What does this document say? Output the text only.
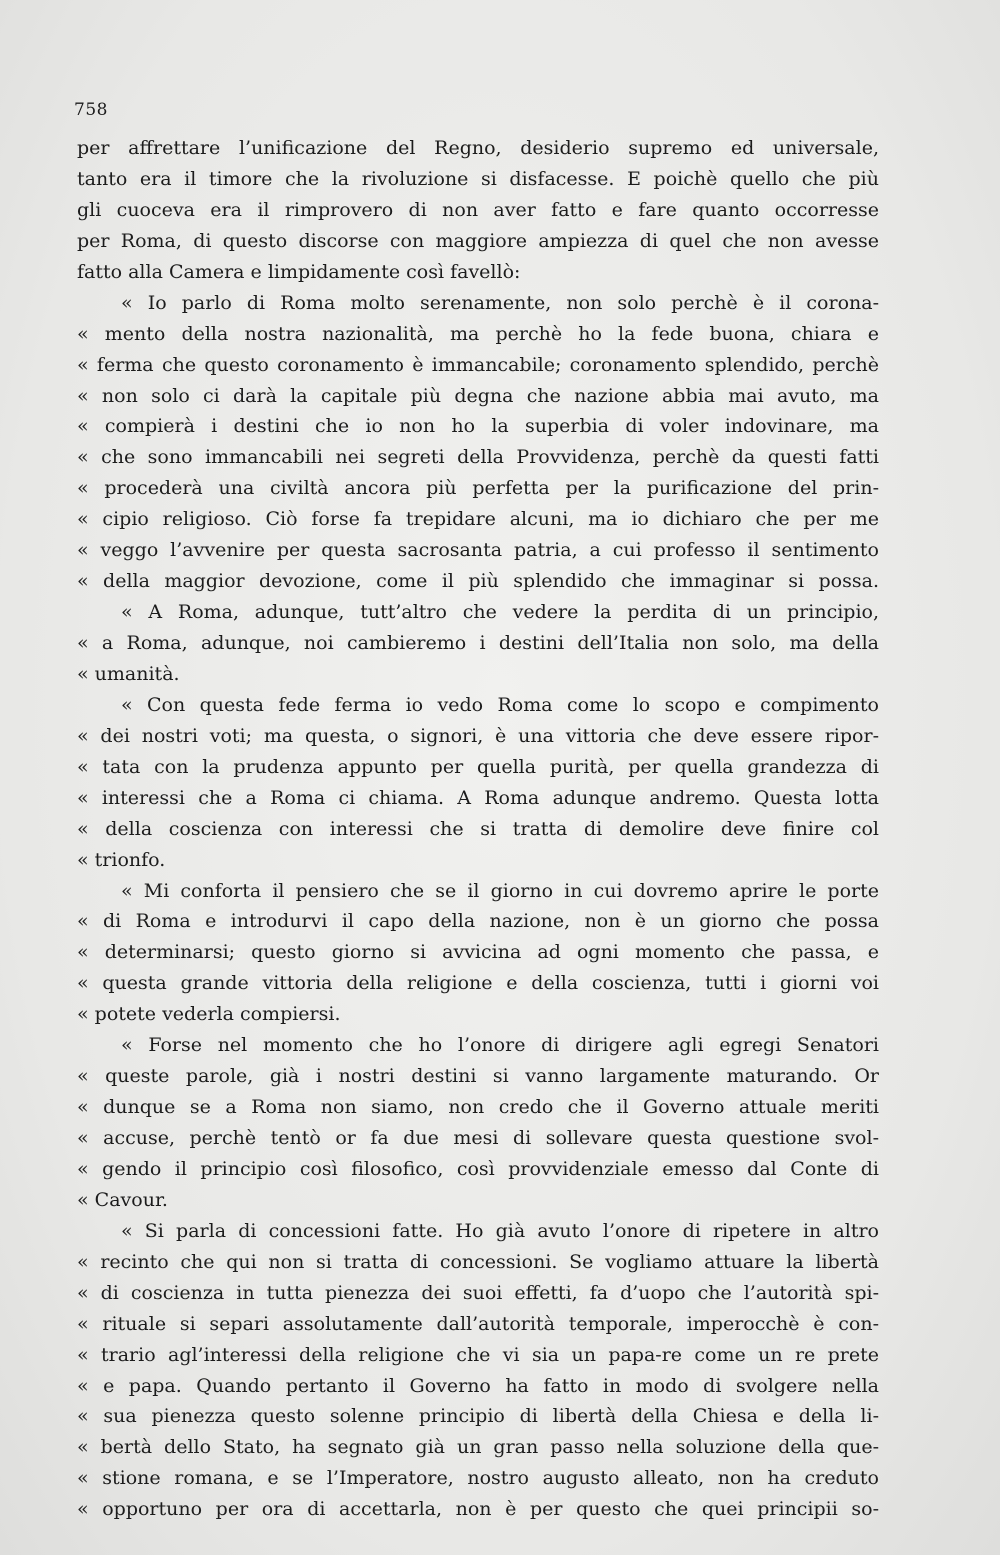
758
per affrettare l’unificazione del Regno, desiderio supremo ed universale,
tanto era il timore che la rivoluzione si disfacesse. E poichè quello che più
gli cuoceva era il rimprovero di non aver fatto e fare quanto occorresse
per Roma, di questo discorse con maggiore ampiezza di quel che non avesse
fatto alla Camera e limpidamente così favellò:
« Io parlo di Roma molto serenamente, non solo perchè è il corona-
« mento della nostra nazionalità, ma perchè ho la fede buona, chiara e
« ferma che questo coronamento è immancabile; coronamento splendido, perchè
« non solo ci darà la capitale più degna che nazione abbia mai avuto, ma
« compierà i destini che io non ho la superbia di voler indovinare, ma
« che sono immancabili nei segreti della Provvidenza, perchè da questi fatti
« procederà una civiltà ancora più perfetta per la purificazione del prin-
« cipio religioso. Ciò forse fa trepidare alcuni, ma io dichiaro che per me
« veggo l’avvenire per questa sacrosanta patria, a cui professo il sentimento
« della maggior devozione, come il più splendido che immaginar si possa.
« A Roma, adunque, tutt’altro che vedere la perdita di un principio,
« a Roma, adunque, noi cambieremo i destini dell’Italia non solo, ma della
« umanità.
« Con questa fede ferma io vedo Roma come lo scopo e compimento
« dei nostri voti; ma questa, o signori, è una vittoria che deve essere ripor-
« tata con la prudenza appunto per quella purità, per quella grandezza di
« interessi che a Roma ci chiama. A Roma adunque andremo. Questa lotta
« della coscienza con interessi che si tratta di demolire deve finire col
« trionfo.
« Mi conforta il pensiero che se il giorno in cui dovremo aprire le porte
« di Roma e introdurvi il capo della nazione, non è un giorno che possa
« determinarsi; questo giorno si avvicina ad ogni momento che passa, e
« questa grande vittoria della religione e della coscienza, tutti i giorni voi
« potete vederla compiersi.
« Forse nel momento che ho l’onore di dirigere agli egregi Senatori
« queste parole, già i nostri destini si vanno largamente maturando. Or
« dunque se a Roma non siamo, non credo che il Governo attuale meriti
« accuse, perchè tentò or fa due mesi di sollevare questa questione svol-
« gendo il principio così filosofico, così provvidenziale emesso dal Conte di
« Cavour.
« Si parla di concessioni fatte. Ho già avuto l’onore di ripetere in altro
« recinto che qui non si tratta di concessioni. Se vogliamo attuare la libertà
« di coscienza in tutta pienezza dei suoi effetti, fa d’uopo che l’autorità spi-
« rituale si separi assolutamente dall’autorità temporale, imperocchè è con-
« trario agl’interessi della religione che vi sia un papa-re come un re prete
« e papa. Quando pertanto il Governo ha fatto in modo di svolgere nella
« sua pienezza questo solenne principio di libertà della Chiesa e della li-
« bertà dello Stato, ha segnato già un gran passo nella soluzione della que-
« stione romana, e se l’Imperatore, nostro augusto alleato, non ha creduto
« opportuno per ora di accettarla, non è per questo che quei principii so-
